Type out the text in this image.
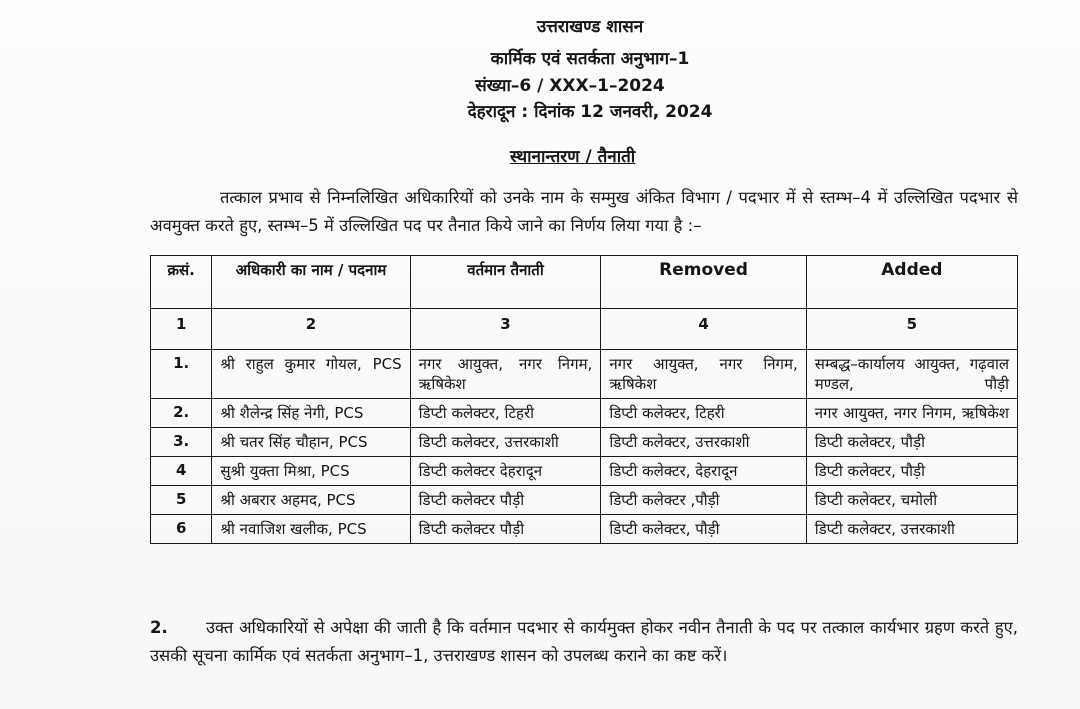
उत्तराखण्ड शासन
कार्मिक एवं सतर्कता अनुभाग–1
संख्या–6 / XXX–1–2024
देहरादून : दिनांक 12 जनवरी, 2024
स्थानान्तरण / तैनाती
तत्काल प्रभाव से निम्नलिखित अधिकारियों को उनके नाम के सम्मुख अंकित विभाग / पदभार में से स्तम्भ–4 में उल्लिखित पदभार से अवमुक्त करते हुए, स्तम्भ–5 में उल्लिखित पद पर तैनात किये जाने का निर्णय लिया गया है :–
क्रसं.	अधिकारी का नाम / पदनाम	वर्तमान तैनाती	Removed	Added
1	2	3	4	5
1.	श्री राहुल कुमार गोयल, PCS	नगर आयुक्त, नगर निगम, ऋषिकेश	नगर आयुक्त, नगर निगम, ऋषिकेश	सम्बद्ध–कार्यालय आयुक्त, गढ़वाल मण्डल, पौड़ी
2.	श्री शैलेन्द्र सिंह नेगी, PCS	डिप्टी कलेक्टर, टिहरी	डिप्टी कलेक्टर, टिहरी	नगर आयुक्त, नगर निगम, ऋषिकेश
3.	श्री चतर सिंह चौहान, PCS	डिप्टी कलेक्टर, उत्तरकाशी	डिप्टी कलेक्टर, उत्तरकाशी	डिप्टी कलेक्टर, पौड़ी
4	सुश्री युक्ता मिश्रा, PCS	डिप्टी कलेक्टर देहरादून	डिप्टी कलेक्टर, देहरादून	डिप्टी कलेक्टर, पौड़ी
5	श्री अबरार अहमद, PCS	डिप्टी कलेक्टर पौड़ी	डिप्टी कलेक्टर ,पौड़ी	डिप्टी कलेक्टर, चमोली
6	श्री नवाजिश खलीक, PCS	डिप्टी कलेक्टर पौड़ी	डिप्टी कलेक्टर, पौड़ी	डिप्टी कलेक्टर, उत्तरकाशी
2. उक्त अधिकारियों से अपेक्षा की जाती है कि वर्तमान पदभार से कार्यमुक्त होकर नवीन तैनाती के पद पर तत्काल कार्यभार ग्रहण करते हुए, उसकी सूचना कार्मिक एवं सतर्कता अनुभाग–1, उत्तराखण्ड शासन को उपलब्ध कराने का कष्ट करें।
